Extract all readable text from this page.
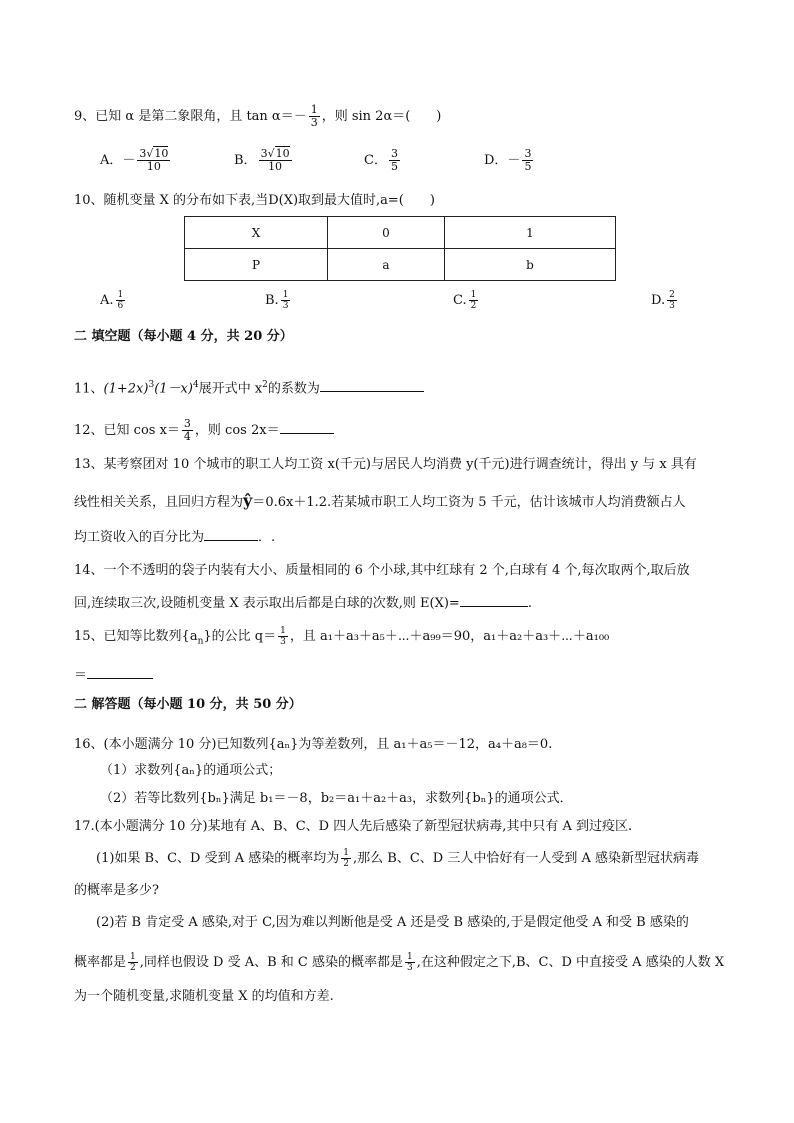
9、已知 α 是第二象限角，且 $\tan \alpha=- \frac{1}{3}$ ，则 sin 2α＝(　　)
A．－ $\frac{3√10}{10}$	B． $\frac{3√10}{10}$	C． $\frac{3}{5}$	D．－ $\frac{3}{5}$
10、随机变量 X 的分布如下表,当D(X)取到最大值时,a=(　　)
X	0	1
P	a	b
A. $\frac{1}{6}$	B. $\frac{1}{3}$	C. $\frac{1}{2}$	D. $\frac{2}{3}$
二 填空题（每小题 4 分，共 20 分）
11、$(1+2x)^3(1-x)^4$展开式中 $x^2$的系数为
12、已知 $\cos x= \frac{3}{4}$ ，则 cos 2x＝
13、某考察团对 10 个城市的职工人均工资 x(千元)与居民人均消费 y(千元)进行调查统计，得出 y 与 x 具有
线性相关关系，且回归方程为ŷ＝0.6x＋1.2.若某城市职工人均工资为 5 千元，估计该城市人均消费额占人
均工资收入的百分比为	．.
14、一个不透明的袋子内装有大小、质量相同的 6 个小球,其中红球有 2 个,白球有 4 个,每次取两个,取后放
回,连续取三次,设随机变量 X 表示取出后都是白球的次数,则 E(X)=	.
15、已知等比数列$\{a_n\}$的公比 $q= \frac{1}{3}$ ，且 a₁＋a₃＋a₅＋⋯＋a₉₉＝90，a₁＋a₂＋a₃＋⋯＋a₁₀₀
＝
二 解答题（每小题 10 分，共 50 分）
16、(本小题满分 10 分)已知数列{aₙ}为等差数列，且 a₁＋a₅＝－12，a₄＋a₈＝0.
（1）求数列{aₙ}的通项公式；
（2）若等比数列{bₙ}满足 b₁＝－8，b₂＝a₁＋a₂＋a₃，求数列{bₙ}的通项公式．
17.(本小题满分 10 分)某地有 A、B、C、D 四人先后感染了新型冠状病毒,其中只有 A 到过疫区.
(1)如果 B、C、D 受到 A 感染的概率均为 $\frac{1}{2}$ ,那么 B、C、D 三人中恰好有一人受到 A 感染新型冠状病毒
的概率是多少?
(2)若 B 肯定受 A 感染,对于 C,因为难以判断他是受 A 还是受 B 感染的,于是假定他受 A 和受 B 感染的
概率都是 $\frac{1}{2}$ ,同样也假设 D 受 A、B 和 C 感染的概率都是 $\frac{1}{3}$ ,在这种假定之下,B、C、D 中直接受 A 感染的人数 X
为一个随机变量,求随机变量 X 的均值和方差.
